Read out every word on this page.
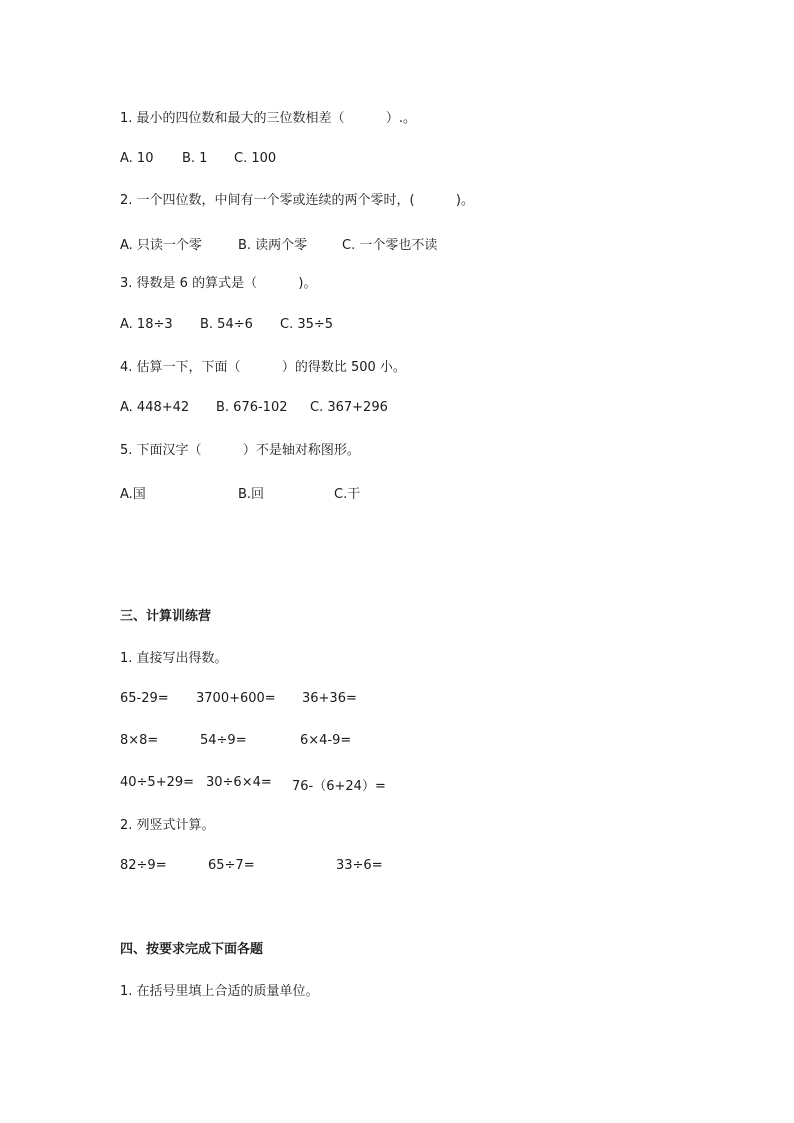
1. 最小的四位数和最大的三位数相差（          ）.。
A. 10 B. 1 C. 100
2. 一个四位数，中间有一个零或连续的两个零时，(          )。
A. 只读一个零	B. 读两个零	C. 一个零也不读
3. 得数是 6 的算式是（          )。
A. 18÷3 B. 54÷6 C. 35÷5
4. 估算一下，下面（          ）的得数比 500 小。
A. 448+42 B. 676-102 C. 367+296
5. 下面汉字（          ）不是轴对称图形。
A.国	B.回	C.干
三、计算训练营
1. 直接写出得数。
65-29= 3700+600= 36+36=
8×8=	54÷9=	6×4-9=
40÷5+29= 30÷6×4= 76-（6+24）=
2. 列竖式计算。
82÷9=	65÷7=	33÷6=
四、按要求完成下面各题
1. 在括号里填上合适的质量单位。
